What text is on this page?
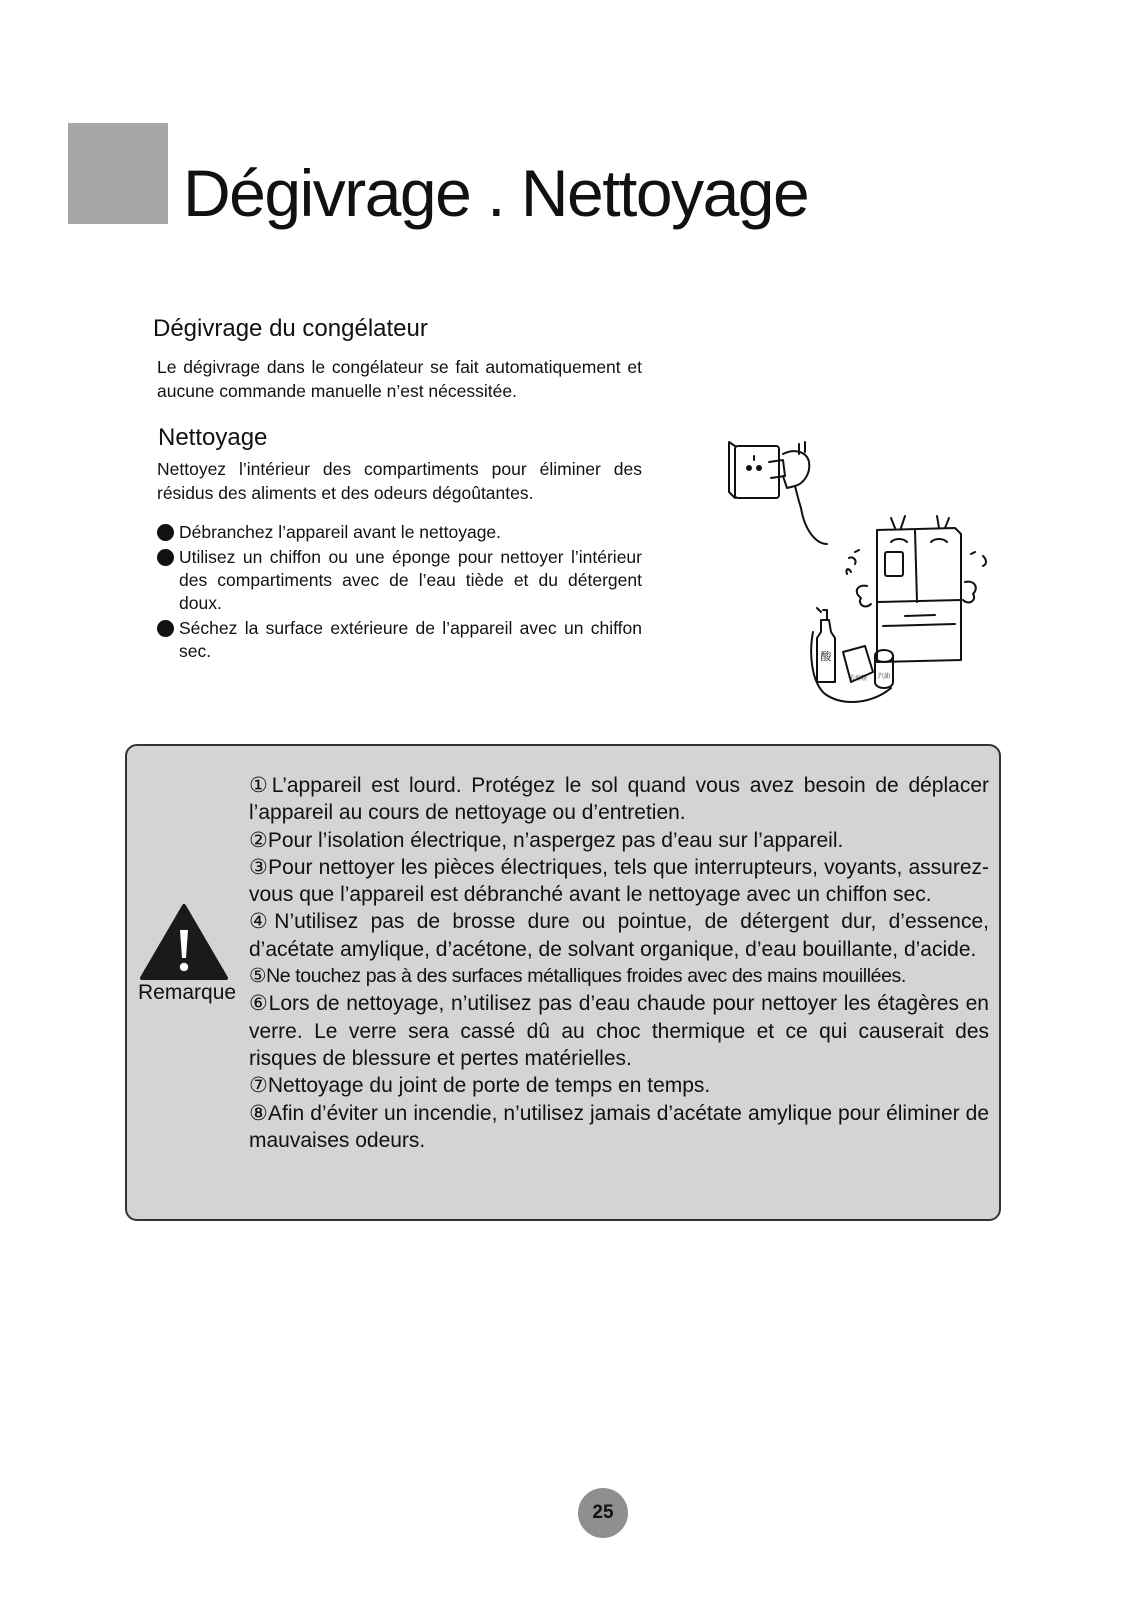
Dégivrage . Nettoyage
Dégivrage du congélateur

Le dégivrage dans le congélateur se fait automatiquement et aucune commande manuelle n’est nécessitée.

Nettoyage

Nettoyez l’intérieur des compartiments pour éliminer des résidus des aliments et des odeurs dégoûtantes.

Débranchez l’appareil avant le nettoyage.
Utilisez un chiffon ou une éponge pour nettoyer l’intérieur des compartiments avec de l’eau tiède et du détergent doux.
Séchez la surface extérieure de l’appareil avec un chiffon sec.	酸
去污粉 汽油
Remarque

①L’appareil est lourd. Protégez le sol quand vous avez besoin de déplacer l’appareil au cours de nettoyage ou d’entretien.

②Pour l’isolation électrique, n’aspergez pas d’eau sur l’appareil.

③Pour nettoyer les pièces électriques, tels que interrupteurs, voyants, assurez-vous que l’appareil est débranché avant le nettoyage avec un chiffon sec.

④N’utilisez pas de brosse dure ou pointue, de détergent dur, d’essence, d’acétate amylique, d’acétone, de solvant organique, d’eau bouillante, d’acide.

⑤Ne touchez pas à des surfaces métalliques froides avec des mains mouillées.

⑥Lors de nettoyage, n’utilisez pas d’eau chaude pour nettoyer les étagères en verre. Le verre sera cassé dû au choc thermique et ce qui causerait des risques de blessure et pertes matérielles.

⑦Nettoyage du joint de porte de temps en temps.

⑧Afin d’éviter un incendie, n’utilisez jamais d’acétate amylique pour éliminer de mauvaises odeurs.

25
